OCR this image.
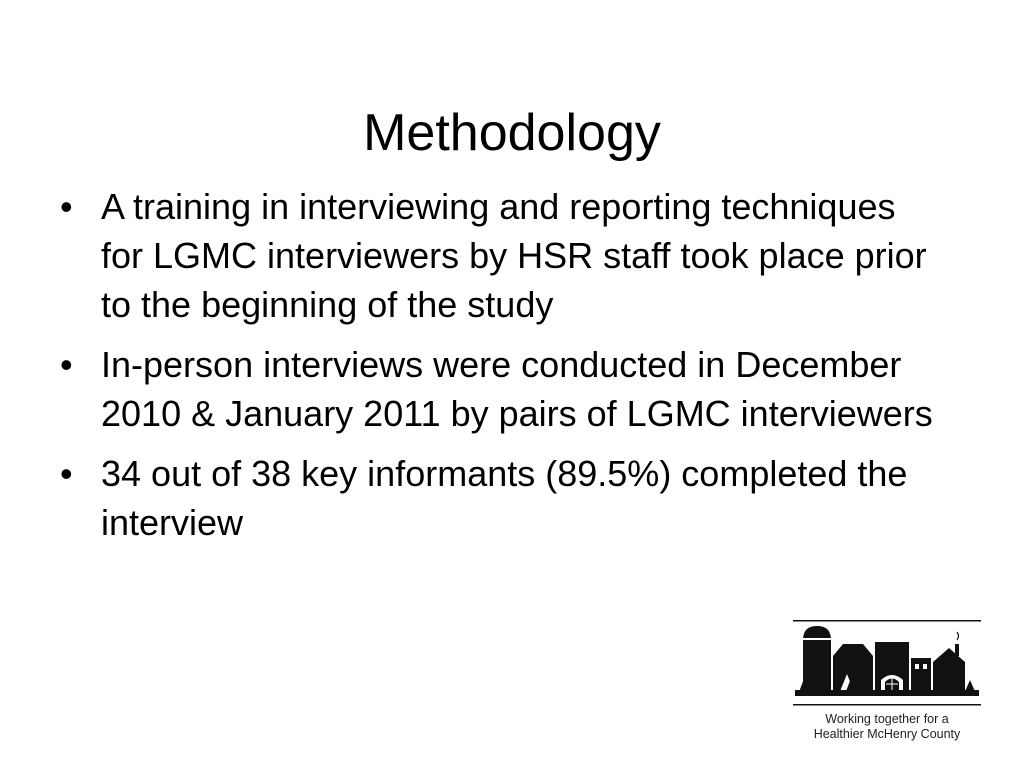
Methodology
• A training in interviewing and reporting techniques for LGMC interviewers by HSR staff took place prior to the beginning of the study
• In-person interviews were conducted in December 2010 & January 2011 by pairs of LGMC interviewers
• 34 out of 38 key informants (89.5%) completed the interview
Working together for a
Healthier McHenry County
